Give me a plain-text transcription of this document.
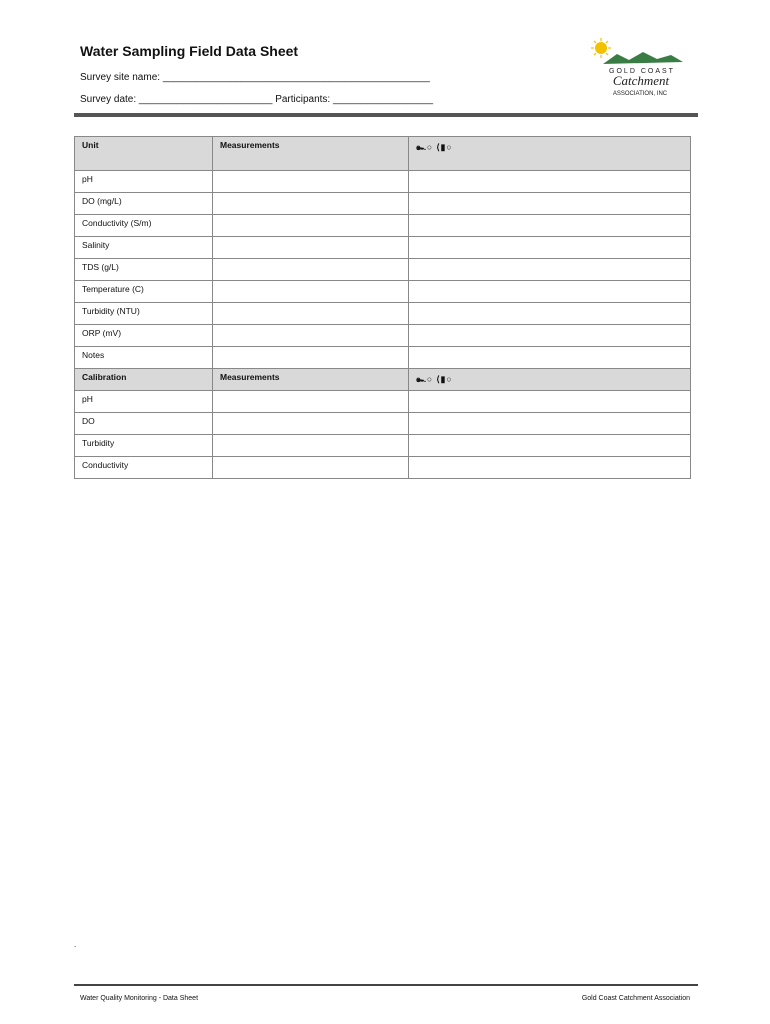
Water Sampling Field Data Sheet
Survey site name: ________________________________________________
Survey date: ________________________ Participants: __________________
GOLD COAST
Catchment
ASSOCIATION, INC
Unit	Measurements	๛○ ⟨▮○
pH		
DO (mg/L)		
Conductivity (S/m)		
Salinity		
TDS (g/L)		
Temperature (C)		
Turbidity (NTU)		
ORP (mV)		
Notes		
Calibration	Measurements	๛○ ⟨▮○
pH		
DO		
Turbidity		
Conductivity		
.
Water Quality Monitoring - Data Sheet	Gold Coast Catchment Association
